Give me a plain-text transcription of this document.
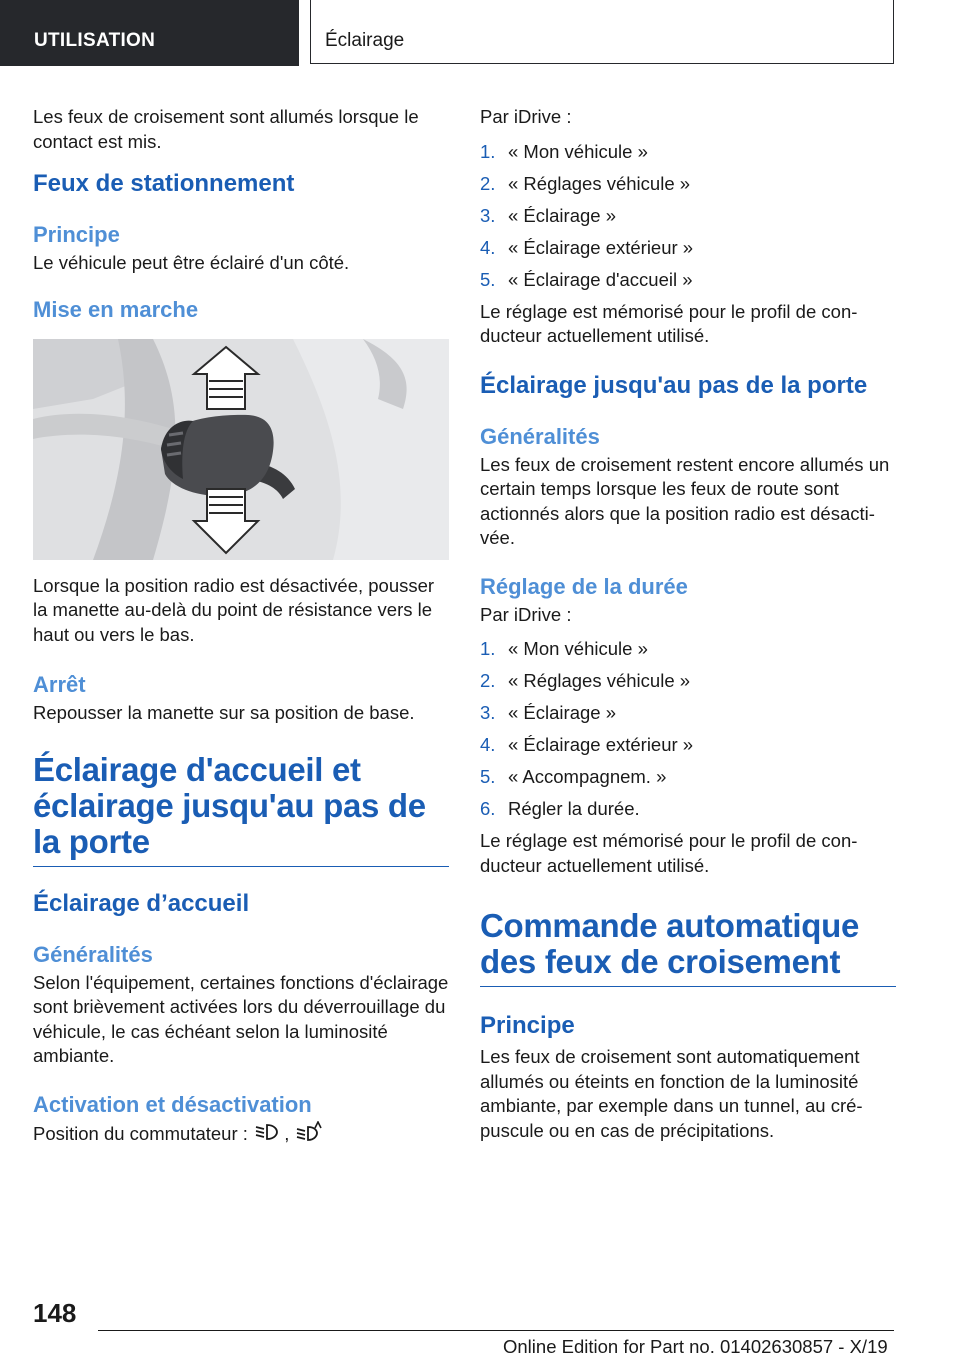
UTILISATION	Éclairage

Les feux de croisement sont allumés lorsque le contact est mis.

Feux de stationnement
Principe

Le véhicule peut être éclairé d'un côté.

Mise en marche

Lorsque la position radio est désactivée, pousser la manette au-delà du point de résistance vers le haut ou vers le bas.

Arrêt

Repousser la manette sur sa position de base.

Éclairage d'accueil et éclairage jusqu'au pas de la porte
Éclairage d’accueil
Généralités

Selon l'équipement, certaines fonctions d'éclairage sont brièvement activées lors du déverrouillage du véhicule, le cas échéant selon la luminosité ambiante.

Activation et désactivation

Position du commutateur : ,

Par iDrive :

1. « Mon véhicule »
2. « Réglages véhicule »
3. « Éclairage »
4. « Éclairage extérieur »
5. « Éclairage d'accueil »

Le réglage est mémorisé pour le profil de conducteur actuellement utilisé.

Éclairage jusqu'au pas de la porte
Généralités

Les feux de croisement restent encore allumés un certain temps lorsque les feux de route sont actionnés alors que la position radio est désactivée.

Réglage de la durée

Par iDrive :

1. « Mon véhicule »
2. « Réglages véhicule »
3. « Éclairage »
4. « Éclairage extérieur »
5. « Accompagnem. »
6. Régler la durée.

Le réglage est mémorisé pour le profil de conducteur actuellement utilisé.

Commande automatique des feux de croisement
Principe

Les feux de croisement sont automatiquement allumés ou éteints en fonction de la luminosité ambiante, par exemple dans un tunnel, au crépuscule ou en cas de précipitations.

148
Online Edition for Part no. 01402630857 - X/19
